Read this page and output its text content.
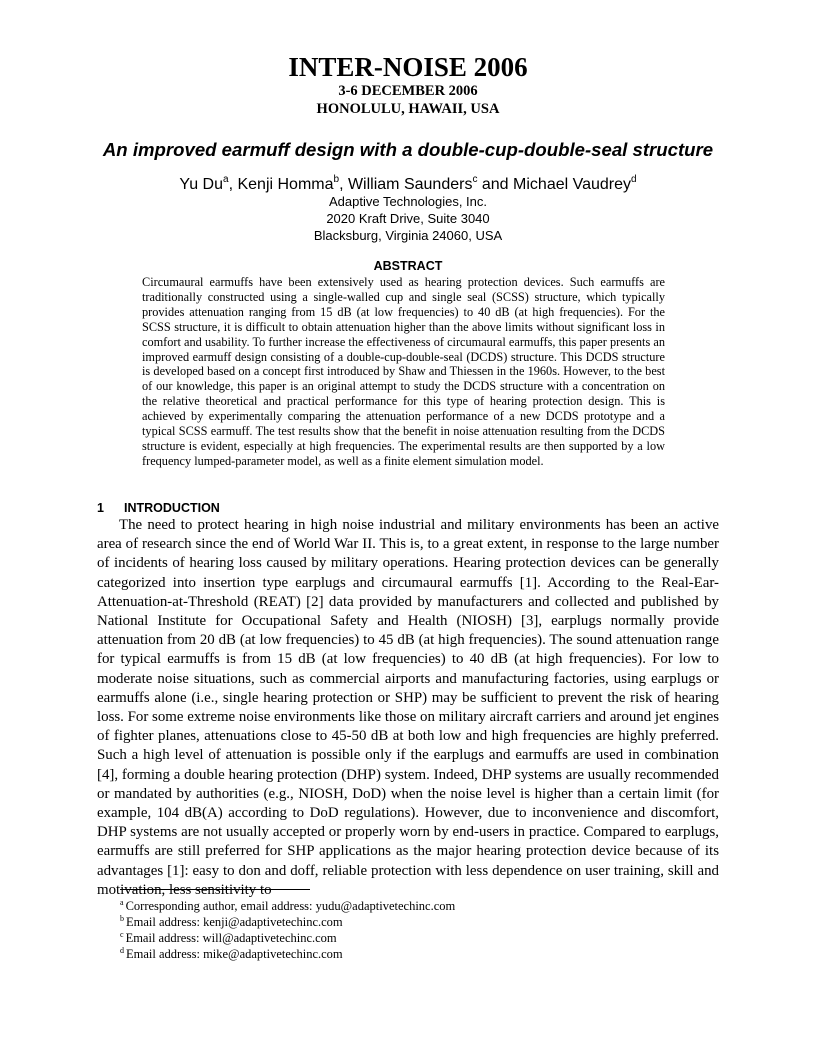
INTER-NOISE 2006
3-6 DECEMBER 2006
HONOLULU, HAWAII, USA
An improved earmuff design with a double-cup-double-seal structure
Yu Du$^a$, Kenji Homma$^b$, William Saunders$^c$ and Michael Vaudrey$^d$
Adaptive Technologies, Inc.
2020 Kraft Drive, Suite 3040
Blacksburg, Virginia 24060, USA
ABSTRACT

Circumaural earmuffs have been extensively used as hearing protection devices. Such earmuffs are traditionally constructed using a single-walled cup and single seal (SCSS) structure, which typically provides attenuation ranging from 15 dB (at low frequencies) to 40 dB (at high frequencies). For the SCSS structure, it is difficult to obtain attenuation higher than the above limits without significant loss in comfort and usability. To further increase the effectiveness of circumaural earmuffs, this paper presents an improved earmuff design consisting of a double-cup-double-seal (DCDS) structure. This DCDS structure is developed based on a concept first introduced by Shaw and Thiessen in the 1960s. However, to the best of our knowledge, this paper is an original attempt to study the DCDS structure with a concentration on the relative theoretical and practical performance for this type of hearing protection design. This is achieved by experimentally comparing the attenuation performance of a new DCDS prototype and a typical SCSS earmuff. The test results show that the benefit in noise attenuation resulting from the DCDS structure is evident, especially at high frequencies. The experimental results are then supported by a low frequency lumped-parameter model, as well as a finite element simulation model.

1 INTRODUCTION

The need to protect hearing in high noise industrial and military environments has been an active area of research since the end of World War II. This is, to a great extent, in response to the large number of incidents of hearing loss caused by military operations. Hearing protection devices can be generally categorized into insertion type earplugs and circumaural earmuffs [1]. According to the Real-Ear-Attenuation-at-Threshold (REAT) [2] data provided by manufacturers and collected and published by National Institute for Occupational Safety and Health (NIOSH) [3], earplugs normally provide attenuation from 20 dB (at low frequencies) to 45 dB (at high frequencies). The sound attenuation range for typical earmuffs is from 15 dB (at low frequencies) to 40 dB (at high frequencies). For low to moderate noise situations, such as commercial airports and manufacturing factories, using earplugs or earmuffs alone (i.e., single hearing protection or SHP) may be sufficient to prevent the risk of hearing loss. For some extreme noise environments like those on military aircraft carriers and around jet engines of fighter planes, attenuations close to 45-50 dB at both low and high frequencies are highly preferred. Such a high level of attenuation is possible only if the earplugs and earmuffs are used in combination [4], forming a double hearing protection (DHP) system. Indeed, DHP systems are usually recommended or mandated by authorities (e.g., NIOSH, DoD) when the noise level is higher than a certain limit (for example, 104 dB(A) according to DoD regulations). However, due to inconvenience and discomfort, DHP systems are not usually accepted or properly worn by end-users in practice. Compared to earplugs, earmuffs are still preferred for SHP applications as the major hearing protection device because of its advantages [1]: easy to don and doff, reliable protection with less dependence on user training, skill and motivation, less sensitivity to

$^a$ Corresponding author, email address: yudu@adaptivetechinc.com
$^b$ Email address: kenji@adaptivetechinc.com
$^c$ Email address: will@adaptivetechinc.com
$^d$ Email address: mike@adaptivetechinc.com
